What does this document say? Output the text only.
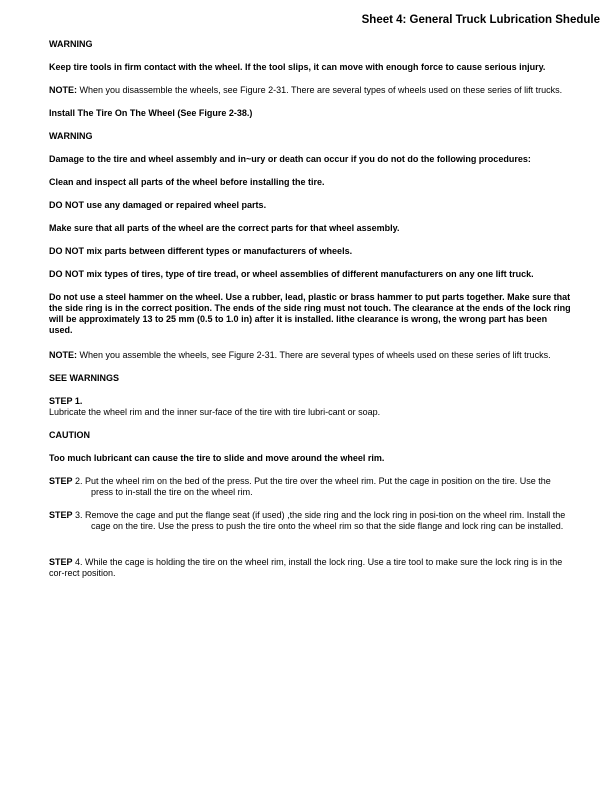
Sheet 4: General Truck Lubrication Shedule

WARNING

Keep tire tools in firm contact with the wheel. If the tool slips, it can move with enough force to cause serious injury.

NOTE: When you disassemble the wheels, see Figure 2-31. There are several types of wheels used on these series of lift trucks.

Install The Tire On The Wheel (See Figure 2-38.)

WARNING

Damage to the tire and wheel assembly and in~ury or death can occur if you do not do the following procedures:

Clean and inspect all parts of the wheel before installing the tire.

DO NOT use any damaged or repaired wheel parts.

Make sure that all parts of the wheel are the correct parts for that wheel assembly.

DO NOT mix parts between different types or manufacturers of wheels.

DO NOT mix types of tires, type of tire tread, or wheel assemblies of different manufacturers on any one lift truck.

Do not use a steel hammer on the wheel. Use a rubber, lead, plastic or brass hammer to put parts together. Make sure that the side ring is in the correct position. The ends of the side ring must not touch. The clearance at the ends of the lock ring will be approximately 13 to 25 mm (0.5 to 1.0 in) after it is installed. lithe clearance is wrong, the wrong part has been used.

NOTE: When you assemble the wheels, see Figure 2-31. There are several types of wheels used on these series of lift trucks.

SEE WARNINGS

STEP 1.
Lubricate the wheel rim and the inner sur-face of the tire with tire lubri-cant or soap.

CAUTION

Too much lubricant can cause the tire to slide and move around the wheel rim.

STEP 2. Put the wheel rim on the bed of the press. Put the tire over the wheel rim. Put the cage in position on the tire. Use the press to in-stall the tire on the wheel rim.

STEP 3. Remove the cage and put the flange seat (if used) ,the side ring and the lock ring in posi-tion on the wheel rim. Install the cage on the tire. Use the press to push the tire onto the wheel rim so that the side flange and lock ring can be installed.

STEP 4. While the cage is holding the tire on the wheel rim, install the lock ring. Use a tire tool to make sure the lock ring is in the cor-rect position.
